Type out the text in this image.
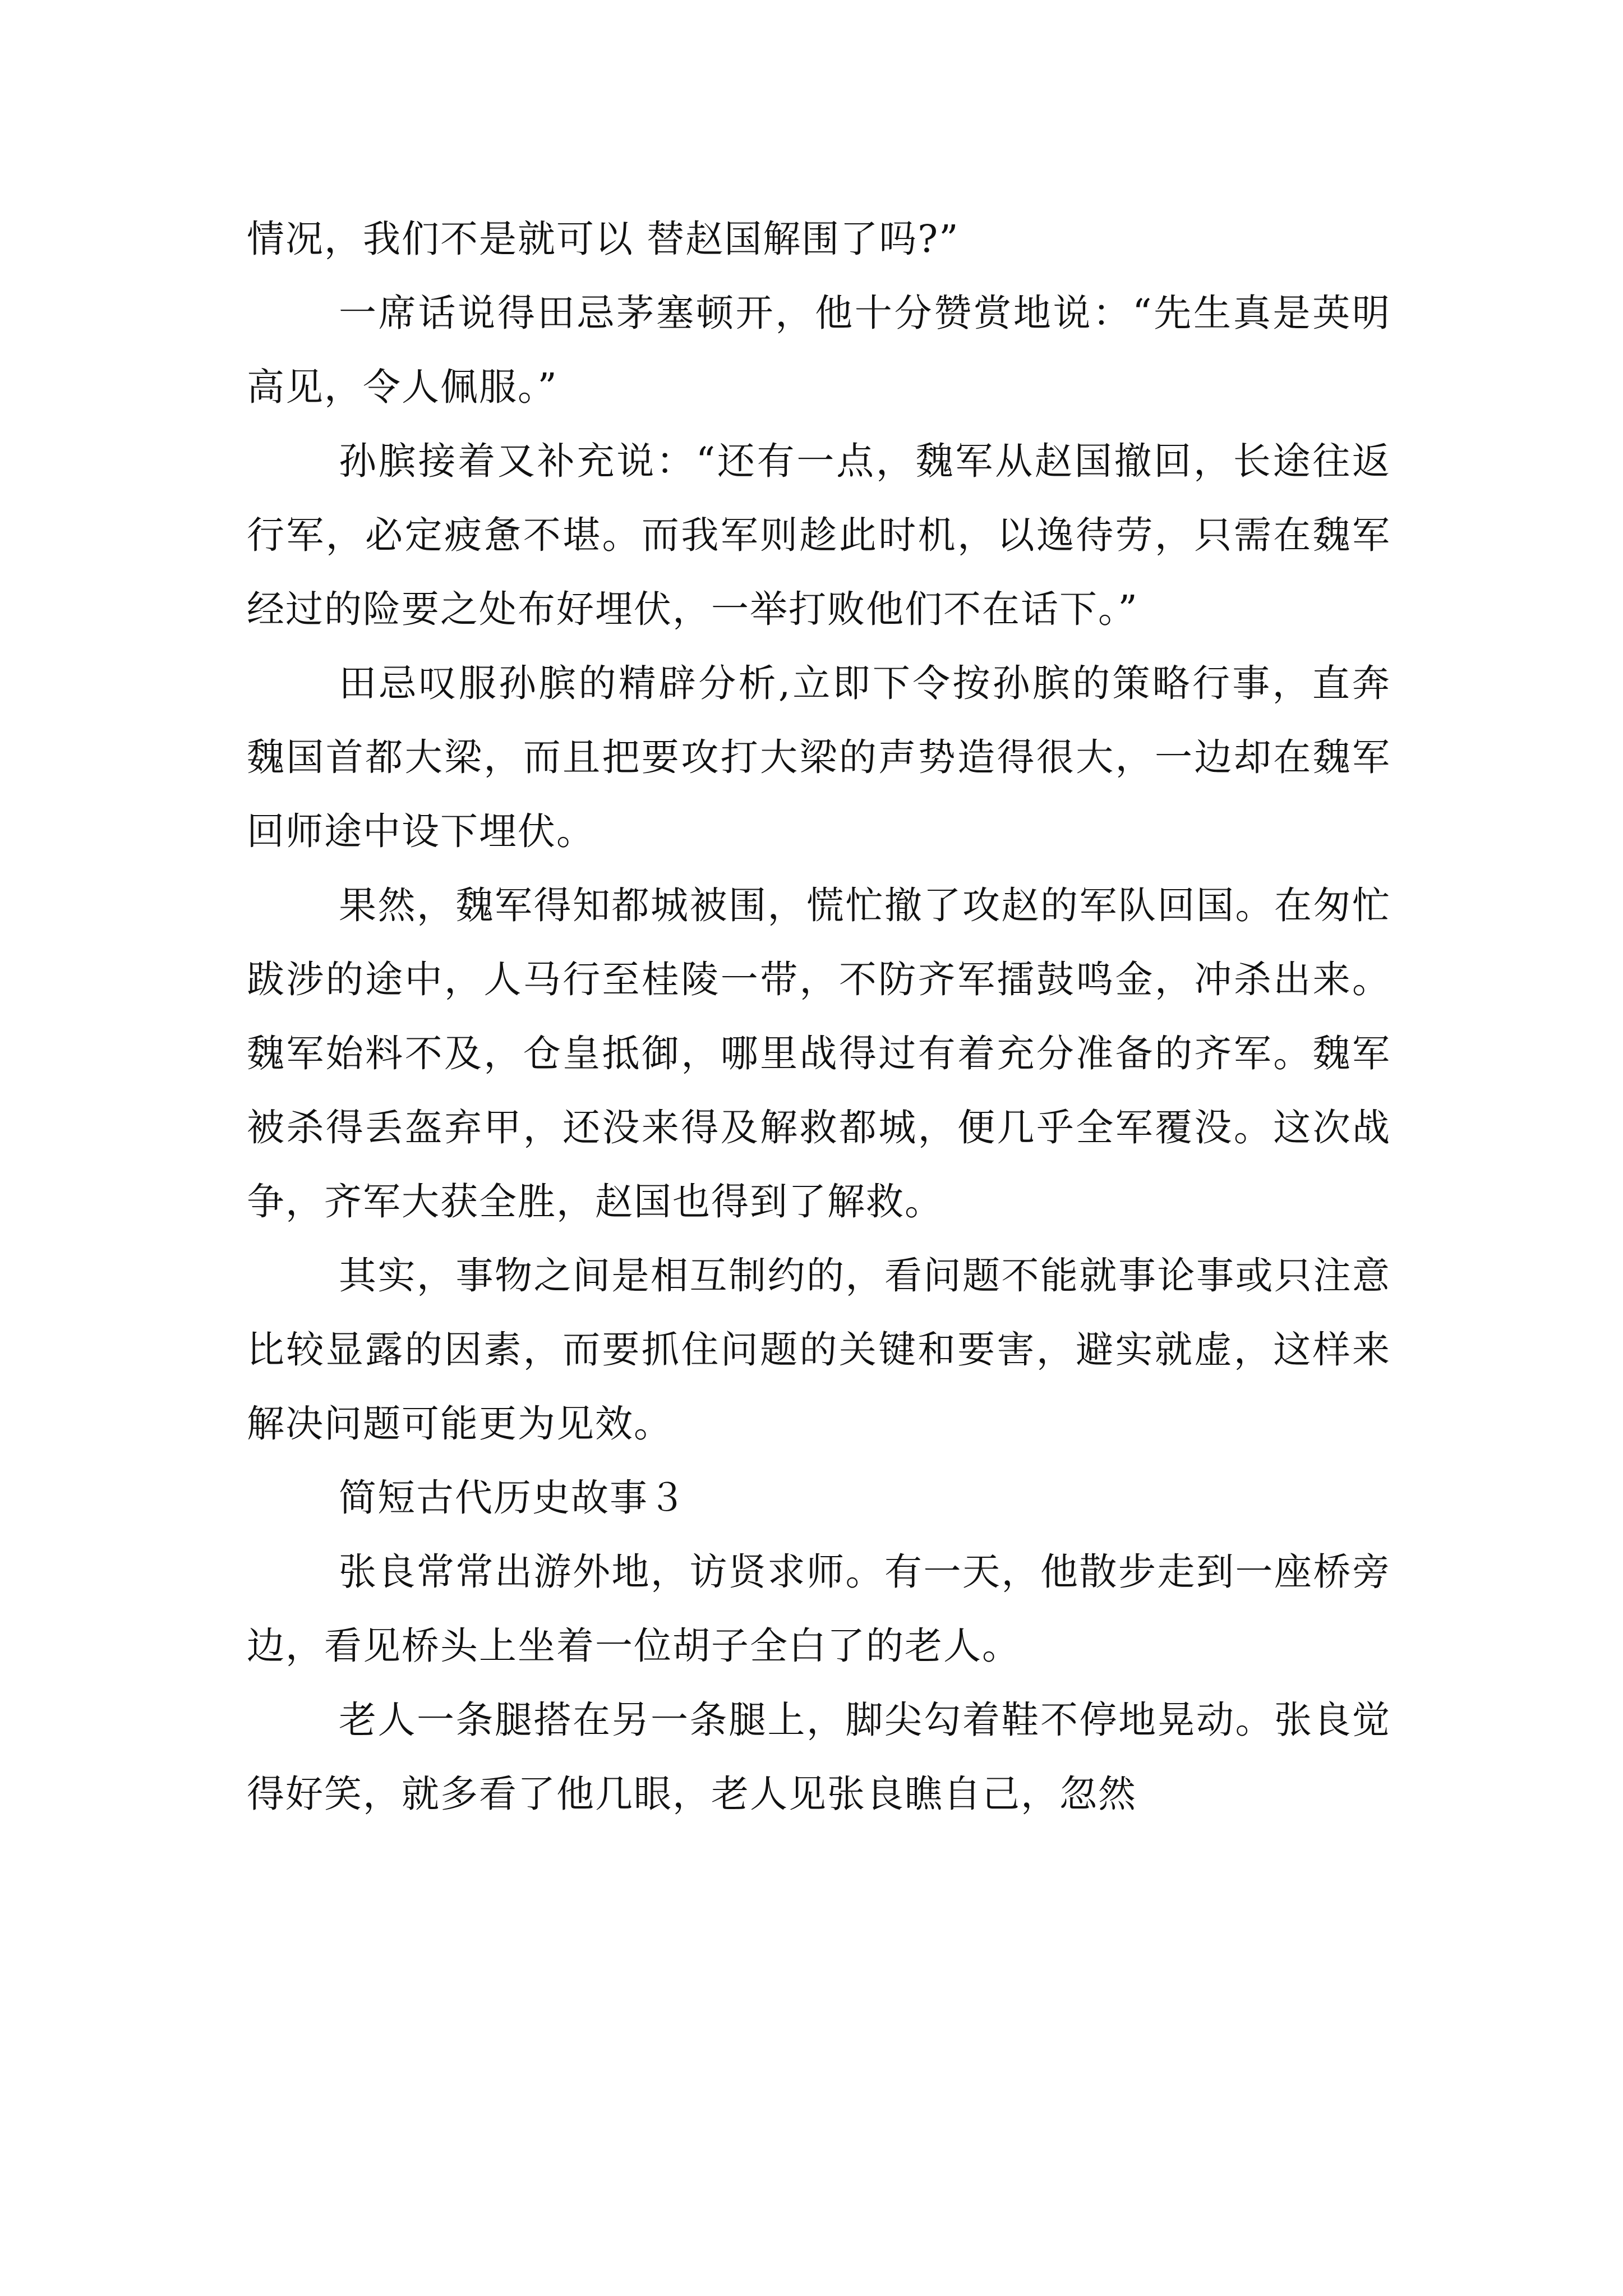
情况，我们不是就可以 替赵国解围了吗?”

一席话说得田忌茅塞顿开，他十分赞赏地说：“先生真是英明高见，令人佩服。”

孙膑接着又补充说：“还有一点，魏军从赵国撤回，长途往返行军，必定疲惫不堪。而我军则趁此时机，以逸待劳，只需在魏军经过的险要之处布好埋伏，一举打败他们不在话下。”

田忌叹服孙膑的精辟分析,立即下令按孙膑的策略行事，直奔魏国首都大梁，而且把要攻打大梁的声势造得很大，一边却在魏军回师途中设下埋伏。

果然，魏军得知都城被围，慌忙撤了攻赵的军队回国。在匆忙跋涉的途中，人马行至桂陵一带，不防齐军擂鼓鸣金，冲杀出来。魏军始料不及，仓皇抵御，哪里战得过有着充分准备的齐军。魏军被杀得丢盔弃甲，还没来得及解救都城，便几乎全军覆没。这次战争，齐军大获全胜，赵国也得到了解救。

其实，事物之间是相互制约的，看问题不能就事论事或只注意比较显露的因素，而要抓住问题的关键和要害，避实就虚，这样来解决问题可能更为见效。

简短古代历史故事３

张良常常出游外地，访贤求师。有一天，他散步走到一座桥旁边，看见桥头上坐着一位胡子全白了的老人。

老人一条腿搭在另一条腿上，脚尖勾着鞋不停地晃动。张良觉得好笑，就多看了他几眼，老人见张良瞧自己，忽然
